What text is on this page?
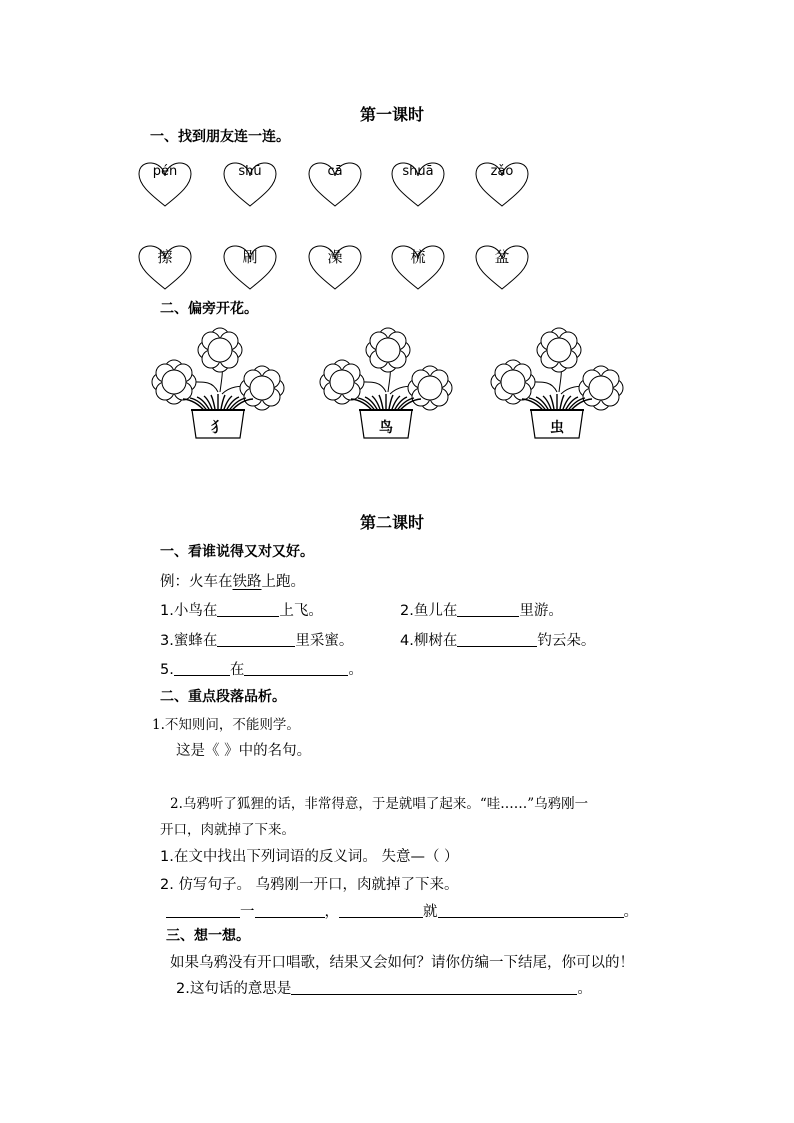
第一课时
一、找到朋友连一连。
pén	shū	cā	shuā	zǎo
擦	刷	澡	梳	盆
二、偏旁开花。
犭	鸟	虫
第二课时
一、看谁说得又对又好。
例：火车在铁路上跑。
1.小鸟在	上飞。	2.鱼儿在	里游。
3.蜜蜂在	里采蜜。	4.柳树在	钓云朵。
5.	在	。
二、重点段落品析。
1.不知则问，不能则学。
这是《 》中的名句。
2.乌鸦听了狐狸的话，非常得意，于是就唱了起来。“哇……”乌鸦刚一
开口，肉就掉了下来。
1.在文中找出下列词语的反义词。 失意—（ ）
2. 仿写句子。 乌鸦刚一开口，肉就掉了下来。
一	，	就	。
三、想一想。
如果乌鸦没有开口唱歌，结果又会如何？请你仿编一下结尾，你可以的！
2.这句话的意思是	。
